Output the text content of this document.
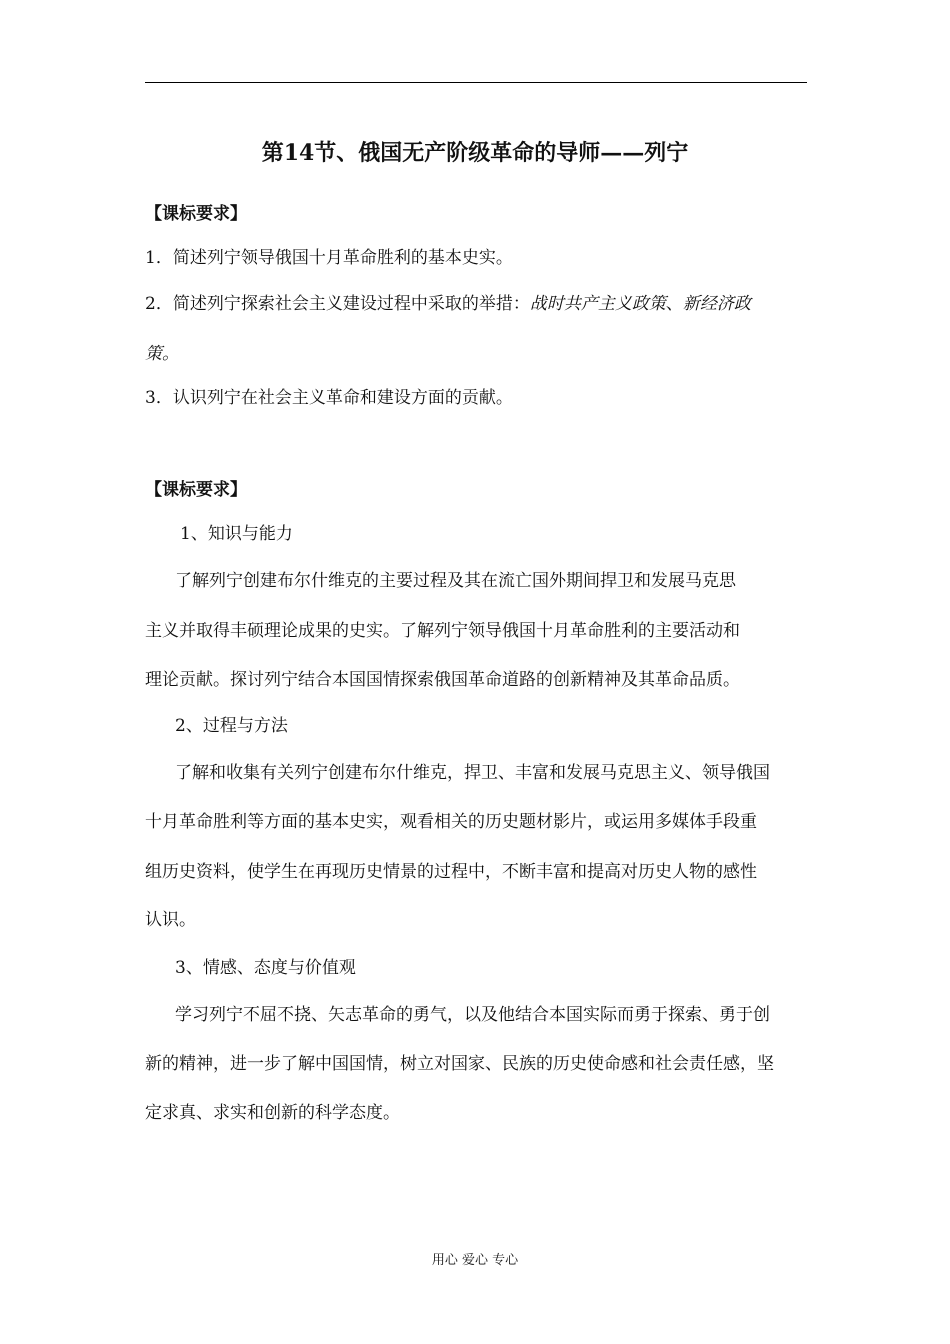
第14节、俄国无产阶级革命的导师——列宁
【课标要求】
1．简述列宁领导俄国十月革命胜利的基本史实。
2．简述列宁探索社会主义建设过程中采取的举措：战时共产主义政策、新经济政
策。
3．认识列宁在社会主义革命和建设方面的贡献。
【课标要求】
1、知识与能力
了解列宁创建布尔什维克的主要过程及其在流亡国外期间捍卫和发展马克思
主义并取得丰硕理论成果的史实。了解列宁领导俄国十月革命胜利的主要活动和
理论贡献。探讨列宁结合本国国情探索俄国革命道路的创新精神及其革命品质。
2、过程与方法
了解和收集有关列宁创建布尔什维克，捍卫、丰富和发展马克思主义、领导俄国
十月革命胜利等方面的基本史实，观看相关的历史题材影片，或运用多媒体手段重
组历史资料，使学生在再现历史情景的过程中，不断丰富和提高对历史人物的感性
认识。
3、情感、态度与价值观
学习列宁不屈不挠、矢志革命的勇气，以及他结合本国实际而勇于探索、勇于创
新的精神，进一步了解中国国情，树立对国家、民族的历史使命感和社会责任感，坚
定求真、求实和创新的科学态度。
用心 爱心 专心
